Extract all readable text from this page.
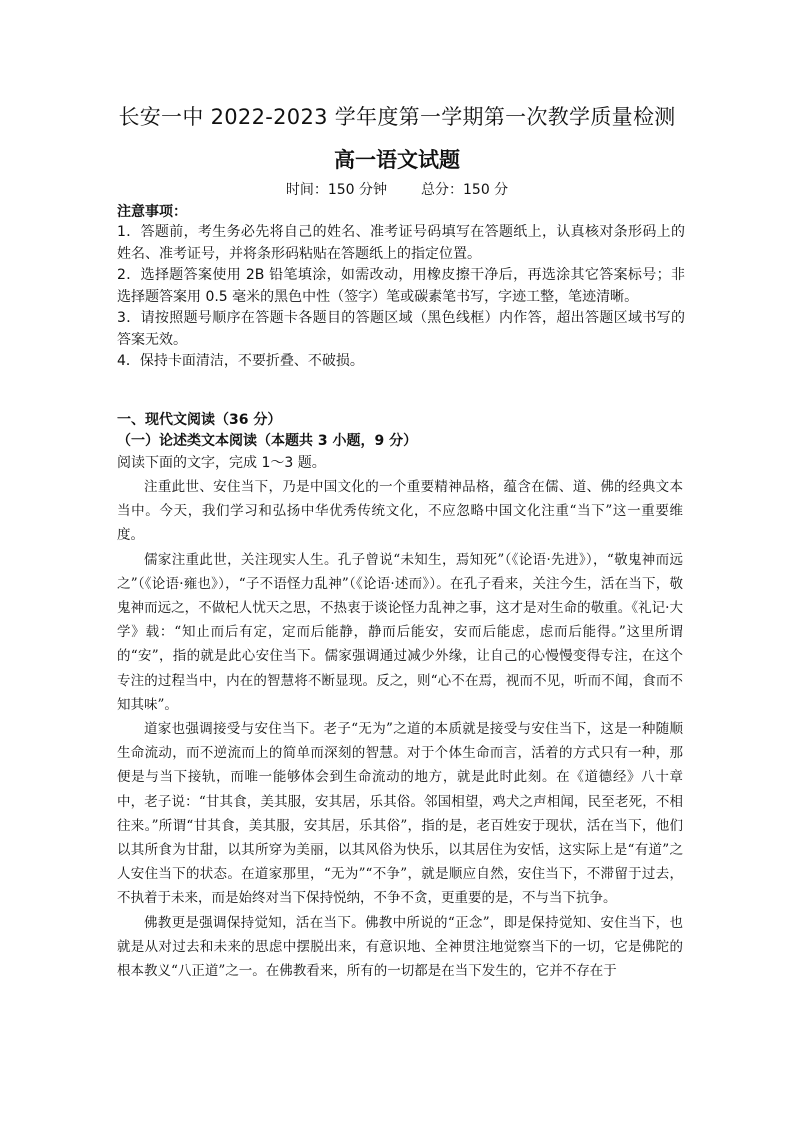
长安一中 2022-2023 学年度第一学期第一次教学质量检测
高一语文试题
时间：150 分钟 总分：150 分
注意事项：

1．答题前，考生务必先将自己的姓名、准考证号码填写在答题纸上，认真核对条形码上的姓名、准考证号，并将条形码粘贴在答题纸上的指定位置。

2．选择题答案使用 2B 铅笔填涂，如需改动，用橡皮擦干净后，再选涂其它答案标号；非选择题答案用 0.5 毫米的黑色中性（签字）笔或碳素笔书写，字迹工整，笔迹清晰。

3．请按照题号顺序在答题卡各题目的答题区域（黑色线框）内作答，超出答题区域书写的答案无效。

4．保持卡面清洁，不要折叠、不破损。

一、现代文阅读（36 分）
（一）论述类文本阅读（本题共 3 小题，9 分）
阅读下面的文字，完成 1～3 题。

注重此世、安住当下，乃是中国文化的一个重要精神品格，蕴含在儒、道、佛的经典文本当中。今天，我们学习和弘扬中华优秀传统文化，不应忽略中国文化注重“当下”这一重要维度。

儒家注重此世，关注现实人生。孔子曾说“未知生，焉知死”（《论语·先进》），“敬鬼神而远之”（《论语·雍也》），“子不语怪力乱神”（《论语·述而》）。在孔子看来，关注今生，活在当下，敬鬼神而远之，不做杞人忧天之思，不热衷于谈论怪力乱神之事，这才是对生命的敬重。《礼记·大学》载：“知止而后有定，定而后能静，静而后能安，安而后能虑，虑而后能得。”这里所谓的“安”，指的就是此心安住当下。儒家强调通过减少外缘，让自己的心慢慢变得专注，在这个专注的过程当中，内在的智慧将不断显现。反之，则“心不在焉，视而不见，听而不闻，食而不知其味”。

道家也强调接受与安住当下。老子“无为”之道的本质就是接受与安住当下，这是一种随顺生命流动，而不逆流而上的简单而深刻的智慧。对于个体生命而言，活着的方式只有一种，那便是与当下接轨，而唯一能够体会到生命流动的地方，就是此时此刻。在《道德经》八十章中，老子说：“甘其食，美其服，安其居，乐其俗。邻国相望，鸡犬之声相闻，民至老死，不相往来。”所谓“甘其食，美其服，安其居，乐其俗”，指的是，老百姓安于现状，活在当下，他们以其所食为甘甜，以其所穿为美丽，以其风俗为快乐，以其居住为安恬，这实际上是“有道”之人安住当下的状态。在道家那里，“无为”“不争”，就是顺应自然，安住当下，不滞留于过去，不执着于未来，而是始终对当下保持悦纳，不争不贪，更重要的是，不与当下抗争。

佛教更是强调保持觉知，活在当下。佛教中所说的“正念”，即是保持觉知、安住当下，也就是从对过去和未来的思虑中摆脱出来，有意识地、全神贯注地觉察当下的一切，它是佛陀的根本教义“八正道”之一。在佛教看来，所有的一切都是在当下发生的，它并不存在于
